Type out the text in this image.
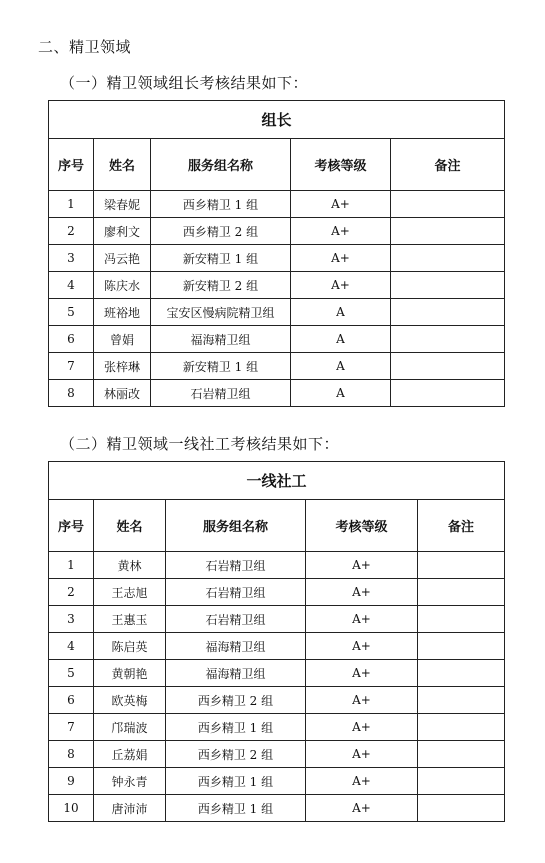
二、精卫领域
（一）精卫领域组长考核结果如下：
组长				
序号	姓名	服务组名称	考核等级	备注
1	梁春妮	西乡精卫 1 组	A+	
2	廖利文	西乡精卫 2 组	A+	
3	冯云艳	新安精卫 1 组	A+	
4	陈庆水	新安精卫 2 组	A+	
5	班裕地	宝安区慢病院精卫组	A	
6	曾娟	福海精卫组	A	
7	张梓琳	新安精卫 1 组	A	
8	林丽改	石岩精卫组	A	
（二）精卫领域一线社工考核结果如下：
一线社工				
序号	姓名	服务组名称	考核等级	备注
1	黄林	石岩精卫组	A+	
2	王志旭	石岩精卫组	A+	
3	王惠玉	石岩精卫组	A+	
4	陈启英	福海精卫组	A+	
5	黄朝艳	福海精卫组	A+	
6	欧英梅	西乡精卫 2 组	A+	
7	邝瑞波	西乡精卫 1 组	A+	
8	丘荔娟	西乡精卫 2 组	A+	
9	钟永青	西乡精卫 1 组	A+	
10	唐沛沛	西乡精卫 1 组	A+	
